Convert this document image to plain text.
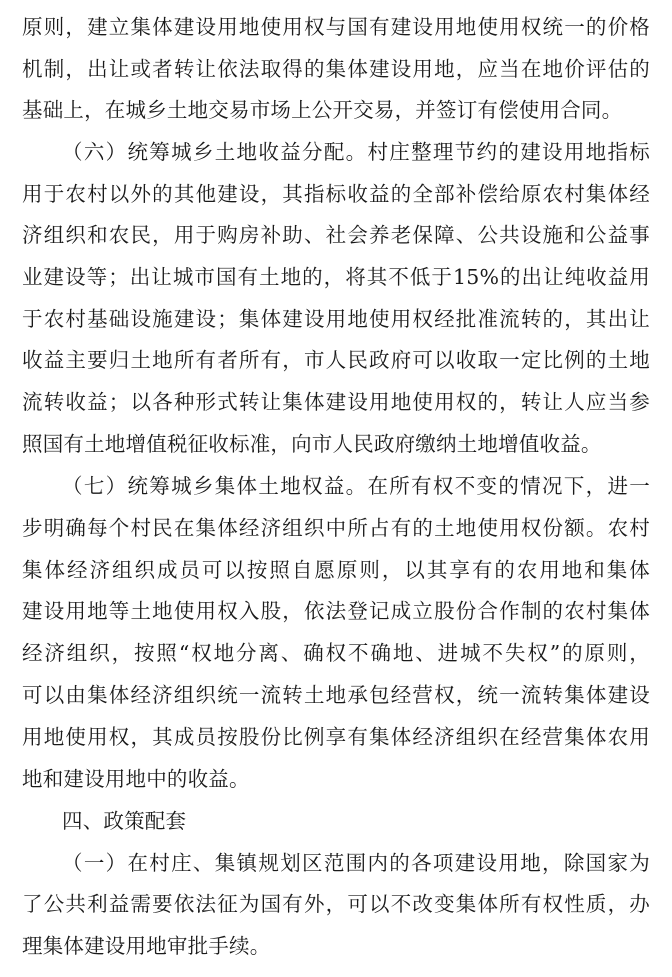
原则，建立集体建设用地使用权与国有建设用地使用权统一的价格
机制，出让或者转让依法取得的集体建设用地，应当在地价评估的
基础上，在城乡土地交易市场上公开交易，并签订有偿使用合同。
（六）统筹城乡土地收益分配。村庄整理节约的建设用地指标
用于农村以外的其他建设，其指标收益的全部补偿给原农村集体经
济组织和农民，用于购房补助、社会养老保障、公共设施和公益事
业建设等；出让城市国有土地的，将其不低于15%的出让纯收益用
于农村基础设施建设；集体建设用地使用权经批准流转的，其出让
收益主要归土地所有者所有，市人民政府可以收取一定比例的土地
流转收益；以各种形式转让集体建设用地使用权的，转让人应当参
照国有土地增值税征收标准，向市人民政府缴纳土地增值收益。
（七）统筹城乡集体土地权益。在所有权不变的情况下，进一
步明确每个村民在集体经济组织中所占有的土地使用权份额。农村
集体经济组织成员可以按照自愿原则，以其享有的农用地和集体
建设用地等土地使用权入股，依法登记成立股份合作制的农村集体
经济组织，按照“权地分离、确权不确地、进城不失权”的原则，
可以由集体经济组织统一流转土地承包经营权，统一流转集体建设
用地使用权，其成员按股份比例享有集体经济组织在经营集体农用
地和建设用地中的收益。
四、政策配套
（一）在村庄、集镇规划区范围内的各项建设用地，除国家为
了公共利益需要依法征为国有外，可以不改变集体所有权性质，办
理集体建设用地审批手续。
